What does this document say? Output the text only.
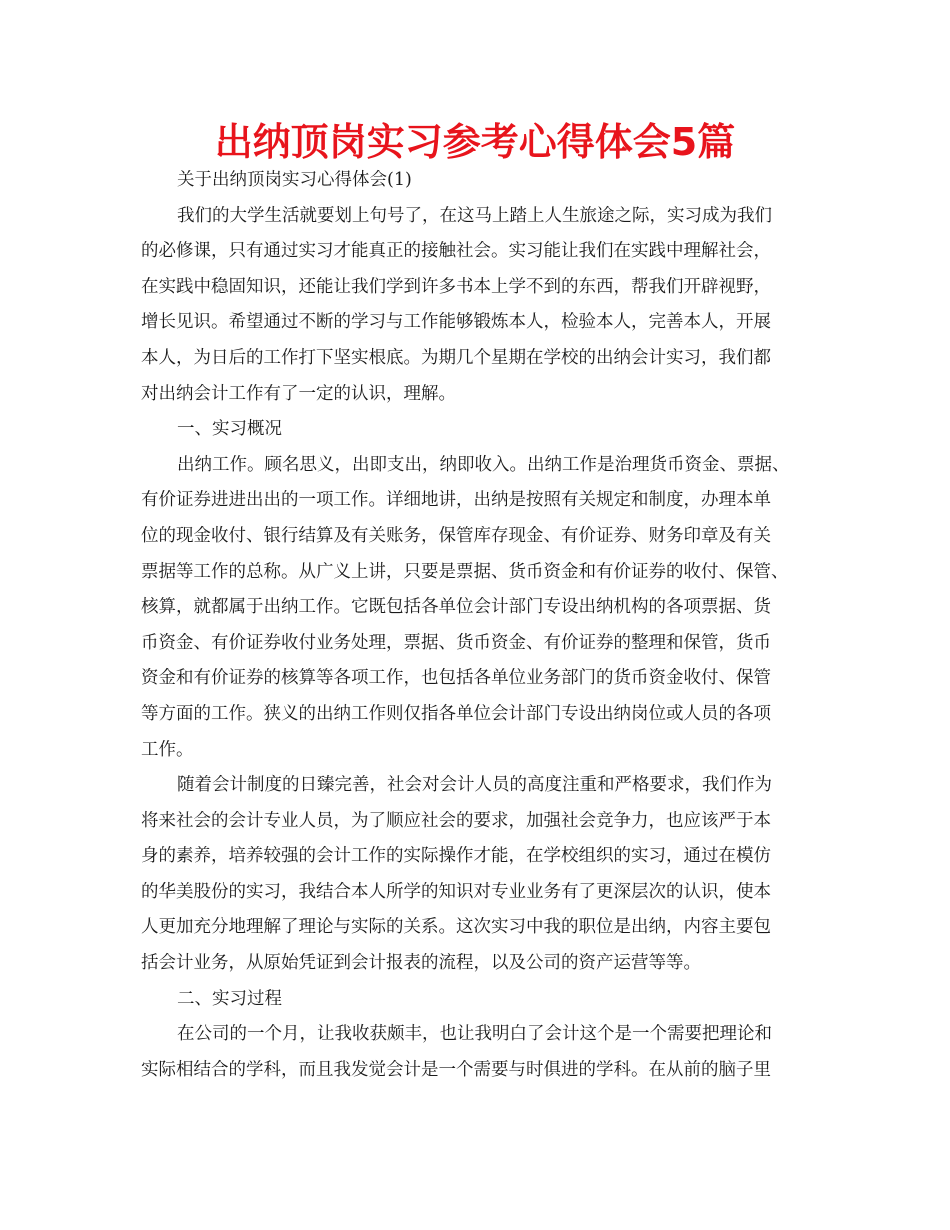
出纳顶岗实习参考心得体会5篇
关于出纳顶岗实习心得体会(1)
我们的大学生活就要划上句号了，在这马上踏上人生旅途之际，实习成为我们
的必修课，只有通过实习才能真正的接触社会。实习能让我们在实践中理解社会，
在实践中稳固知识，还能让我们学到许多书本上学不到的东西，帮我们开辟视野，
增长见识。希望通过不断的学习与工作能够锻炼本人，检验本人，完善本人，开展
本人，为日后的工作打下坚实根底。为期几个星期在学校的出纳会计实习，我们都
对出纳会计工作有了一定的认识，理解。
一、实习概况
出纳工作。顾名思义，出即支出，纳即收入。出纳工作是治理货币资金、票据、
有价证券进进出出的一项工作。详细地讲，出纳是按照有关规定和制度，办理本单
位的现金收付、银行结算及有关账务，保管库存现金、有价证券、财务印章及有关
票据等工作的总称。从广义上讲，只要是票据、货币资金和有价证券的收付、保管、
核算，就都属于出纳工作。它既包括各单位会计部门专设出纳机构的各项票据、货
币资金、有价证券收付业务处理，票据、货币资金、有价证券的整理和保管，货币
资金和有价证券的核算等各项工作，也包括各单位业务部门的货币资金收付、保管
等方面的工作。狭义的出纳工作则仅指各单位会计部门专设出纳岗位或人员的各项
工作。
随着会计制度的日臻完善，社会对会计人员的高度注重和严格要求，我们作为
将来社会的会计专业人员，为了顺应社会的要求，加强社会竞争力，也应该严于本
身的素养，培养较强的会计工作的实际操作才能，在学校组织的实习，通过在模仿
的华美股份的实习，我结合本人所学的知识对专业业务有了更深层次的认识，使本
人更加充分地理解了理论与实际的关系。这次实习中我的职位是出纳，内容主要包
括会计业务，从原始凭证到会计报表的流程，以及公司的资产运营等等。
二、实习过程
在公司的一个月，让我收获颇丰，也让我明白了会计这个是一个需要把理论和
实际相结合的学科，而且我发觉会计是一个需要与时俱进的学科。在从前的脑子里
